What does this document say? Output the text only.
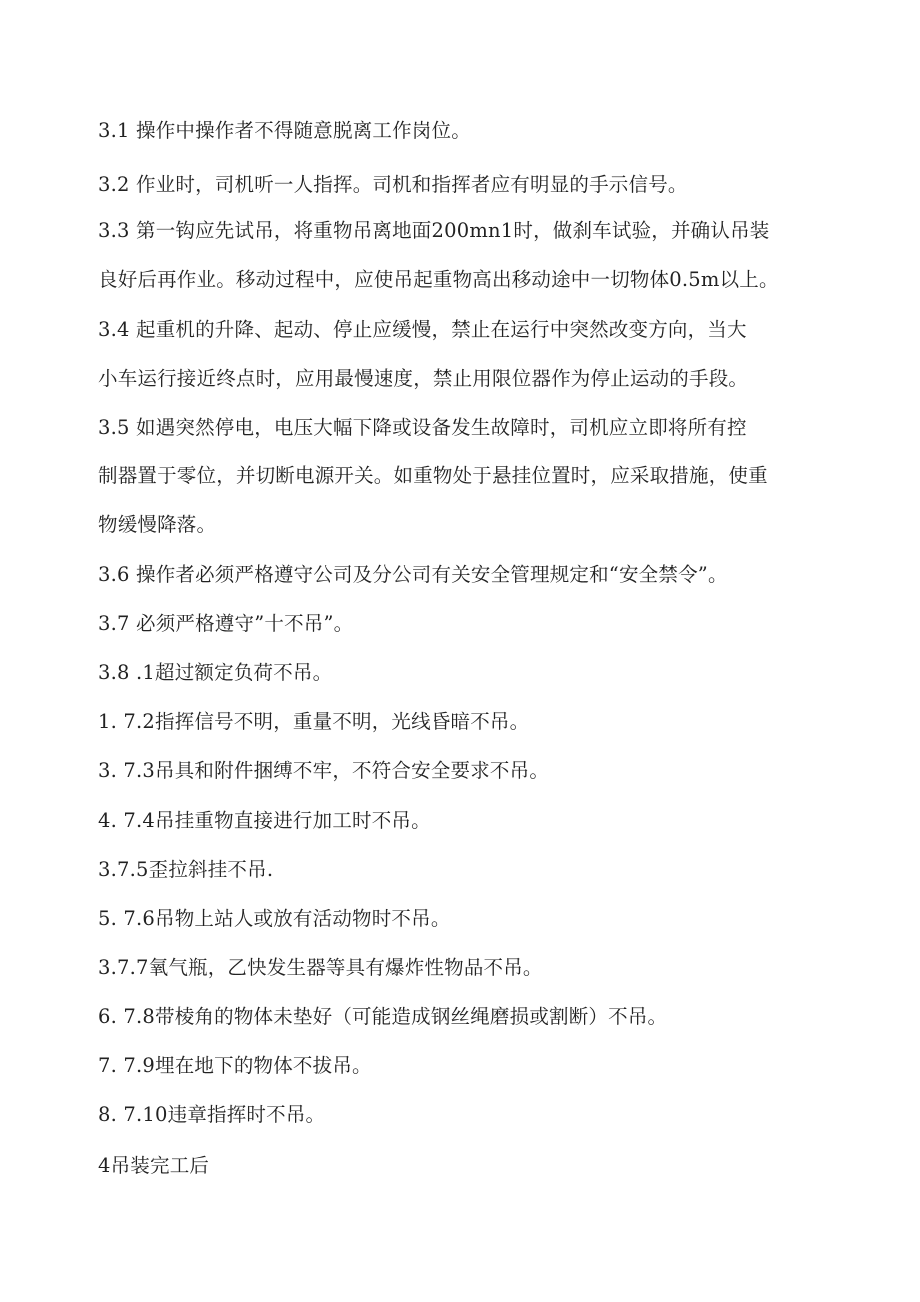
3.1 操作中操作者不得随意脱离工作岗位。
3.2 作业时，司机听一人指挥。司机和指挥者应有明显的手示信号。
3.3 第一钩应先试吊，将重物吊离地面200mn1时，做刹车试验，并确认吊装
良好后再作业。移动过程中，应使吊起重物高出移动途中一切物体0.5m以上。
3.4 起重机的升降、起动、停止应缓慢，禁止在运行中突然改变方向，当大
小车运行接近终点时，应用最慢速度，禁止用限位器作为停止运动的手段。
3.5 如遇突然停电，电压大幅下降或设备发生故障时，司机应立即将所有控
制器置于零位，并切断电源开关。如重物处于悬挂位置时，应采取措施，使重
物缓慢降落。
3.6 操作者必须严格遵守公司及分公司有关安全管理规定和“安全禁令”。
3.7 必须严格遵守”十不吊”。
3.8 .1超过额定负荷不吊。
1. 7.2指挥信号不明，重量不明，光线昏暗不吊。
3. 7.3吊具和附件捆缚不牢，不符合安全要求不吊。
4. 7.4吊挂重物直接进行加工时不吊。
3.7.5歪拉斜挂不吊.
5. 7.6吊物上站人或放有活动物时不吊。
3.7.7氧气瓶，乙快发生器等具有爆炸性物品不吊。
6. 7.8带棱角的物体未垫好（可能造成钢丝绳磨损或割断）不吊。
7. 7.9埋在地下的物体不拔吊。
8. 7.10违章指挥时不吊。
4吊装完工后
